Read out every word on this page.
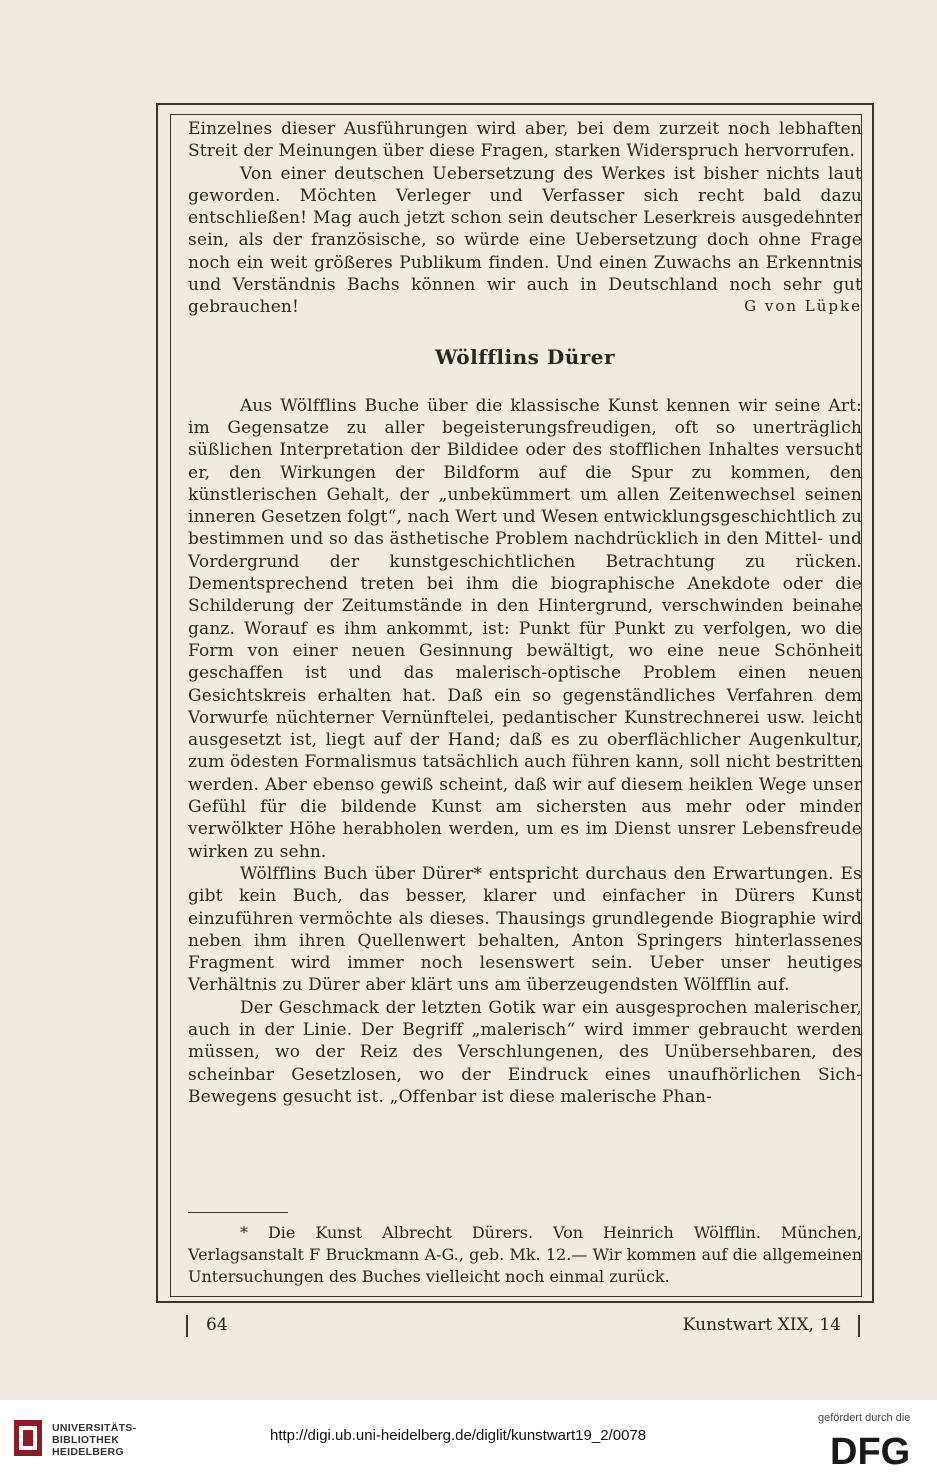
Einzelnes dieser Ausführungen wird aber, bei dem zurzeit noch lebhaften Streit der Meinungen über diese Fragen, starken Widerspruch hervorrufen.

Von einer deutschen Uebersetzung des Werkes ist bisher nichts laut geworden. Möchten Verleger und Verfasser sich recht bald dazu entschließen! Mag auch jetzt schon sein deutscher Leserkreis ausgedehnter sein, als der französische, so würde eine Uebersetzung doch ohne Frage noch ein weit größeres Publikum finden. Und einen Zuwachs an Erkenntnis und Verständnis Bachs können wir auch in Deutschland noch sehr gut gebrauchen!	G von Lüpke
Wölfflins Dürer

Aus Wölfflins Buche über die klassische Kunst kennen wir seine Art: im Gegensatze zu aller begeisterungsfreudigen, oft so unerträglich süßlichen Interpretation der Bildidee oder des stofflichen Inhaltes versucht er, den Wirkungen der Bildform auf die Spur zu kommen, den künstlerischen Gehalt, der „unbekümmert um allen Zeitenwechsel seinen inneren Gesetzen folgt“, nach Wert und Wesen entwicklungsgeschichtlich zu bestimmen und so das ästhetische Problem nachdrücklich in den Mittel- und Vordergrund der kunstgeschichtlichen Betrachtung zu rücken. Dementsprechend treten bei ihm die biographische Anekdote oder die Schilderung der Zeitumstände in den Hintergrund, verschwinden beinahe ganz. Worauf es ihm ankommt, ist: Punkt für Punkt zu verfolgen, wo die Form von einer neuen Gesinnung bewältigt, wo eine neue Schönheit geschaffen ist und das malerisch-optische Problem einen neuen Gesichtskreis erhalten hat. Daß ein so gegenständliches Verfahren dem Vorwurfe nüchterner Vernünftelei, pedantischer Kunstrechnerei usw. leicht ausgesetzt ist, liegt auf der Hand; daß es zu oberflächlicher Augenkultur, zum ödesten Formalismus tatsächlich auch führen kann, soll nicht bestritten werden. Aber ebenso gewiß scheint, daß wir auf diesem heiklen Wege unser Gefühl für die bildende Kunst am sichersten aus mehr oder minder verwölkter Höhe herabholen werden, um es im Dienst unsrer Lebensfreude wirken zu sehn.

Wölfflins Buch über Dürer* entspricht durchaus den Erwartungen. Es gibt kein Buch, das besser, klarer und einfacher in Dürers Kunst einzuführen vermöchte als dieses. Thausings grundlegende Biographie wird neben ihm ihren Quellenwert behalten, Anton Springers hinterlassenes Fragment wird immer noch lesenswert sein. Ueber unser heutiges Verhältnis zu Dürer aber klärt uns am überzeugendsten Wölfflin auf.

Der Geschmack der letzten Gotik war ein ausgesprochen malerischer, auch in der Linie. Der Begriff „malerisch“ wird immer gebraucht werden müssen, wo der Reiz des Verschlungenen, des Unübersehbaren, des scheinbar Gesetzlosen, wo der Eindruck eines unaufhörlichen Sich-Bewegens gesucht ist. „Offenbar ist diese malerische Phan-

* Die Kunst Albrecht Dürers. Von Heinrich Wölfflin. München, Verlagsanstalt F Bruckmann A-G., geb. Mk. 12.— Wir kommen auf die allgemeinen Untersuchungen des Buches vielleicht noch einmal zurück.
64	Kunstwart XIX, 14
UNIVERSITÄTS-
BIBLIOTHEK
HEIDELBERG
http://digi.ub.uni-heidelberg.de/diglit/kunstwart19_2/0078
gefördert durch die
DFG
